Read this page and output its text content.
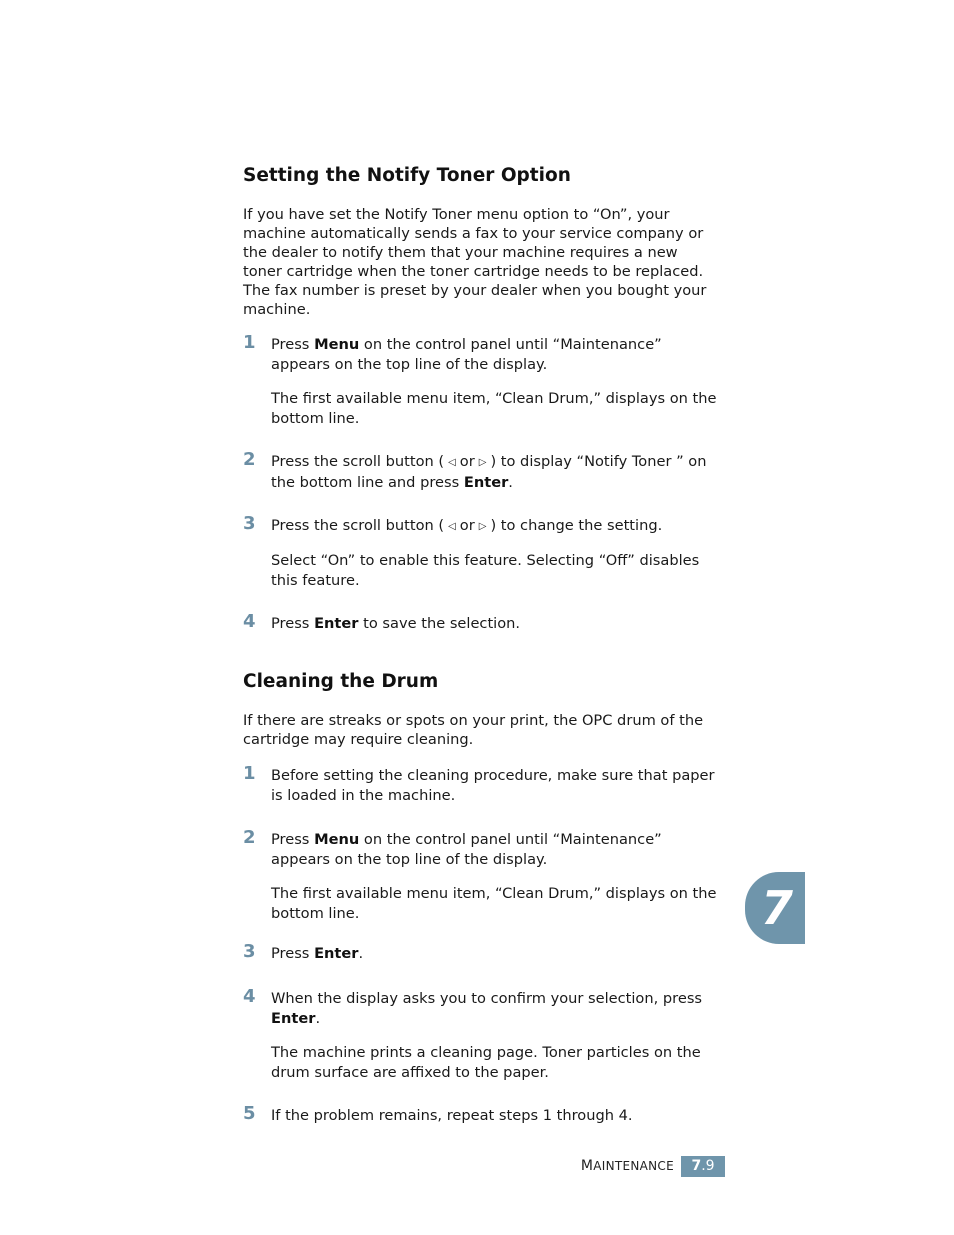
Setting the Notify Toner Option

If you have set the Notify Toner menu option to “On”, your machine automatically sends a fax to your service company or the dealer to notify them that your machine requires a new toner cartridge when the toner cartridge needs to be replaced. The fax number is preset by your dealer when you bought your machine.

1 Press Menu on the control panel until “Maintenance” appears on the top line of the display.

The first available menu item, “Clean Drum,” displays on the bottom line.

2 Press the scroll button ( ◁ or ▷ ) to display “Notify Toner ” on the bottom line and press Enter.

3 Press the scroll button ( ◁ or ▷ ) to change the setting.

Select “On” to enable this feature. Selecting “Off” disables this feature.

4 Press Enter to save the selection.

Cleaning the Drum

If there are streaks or spots on your print, the OPC drum of the cartridge may require cleaning.

1 Before setting the cleaning procedure, make sure that paper is loaded in the machine.

2 Press Menu on the control panel until “Maintenance” appears on the top line of the display.

The first available menu item, “Clean Drum,” displays on the bottom line.

3 Press Enter.

4 When the display asks you to confirm your selection, press Enter.

The machine prints a cleaning page. Toner particles on the drum surface are affixed to the paper.

5 If the problem remains, repeat steps 1 through 4.

7
MAINTENANCE	7.9
